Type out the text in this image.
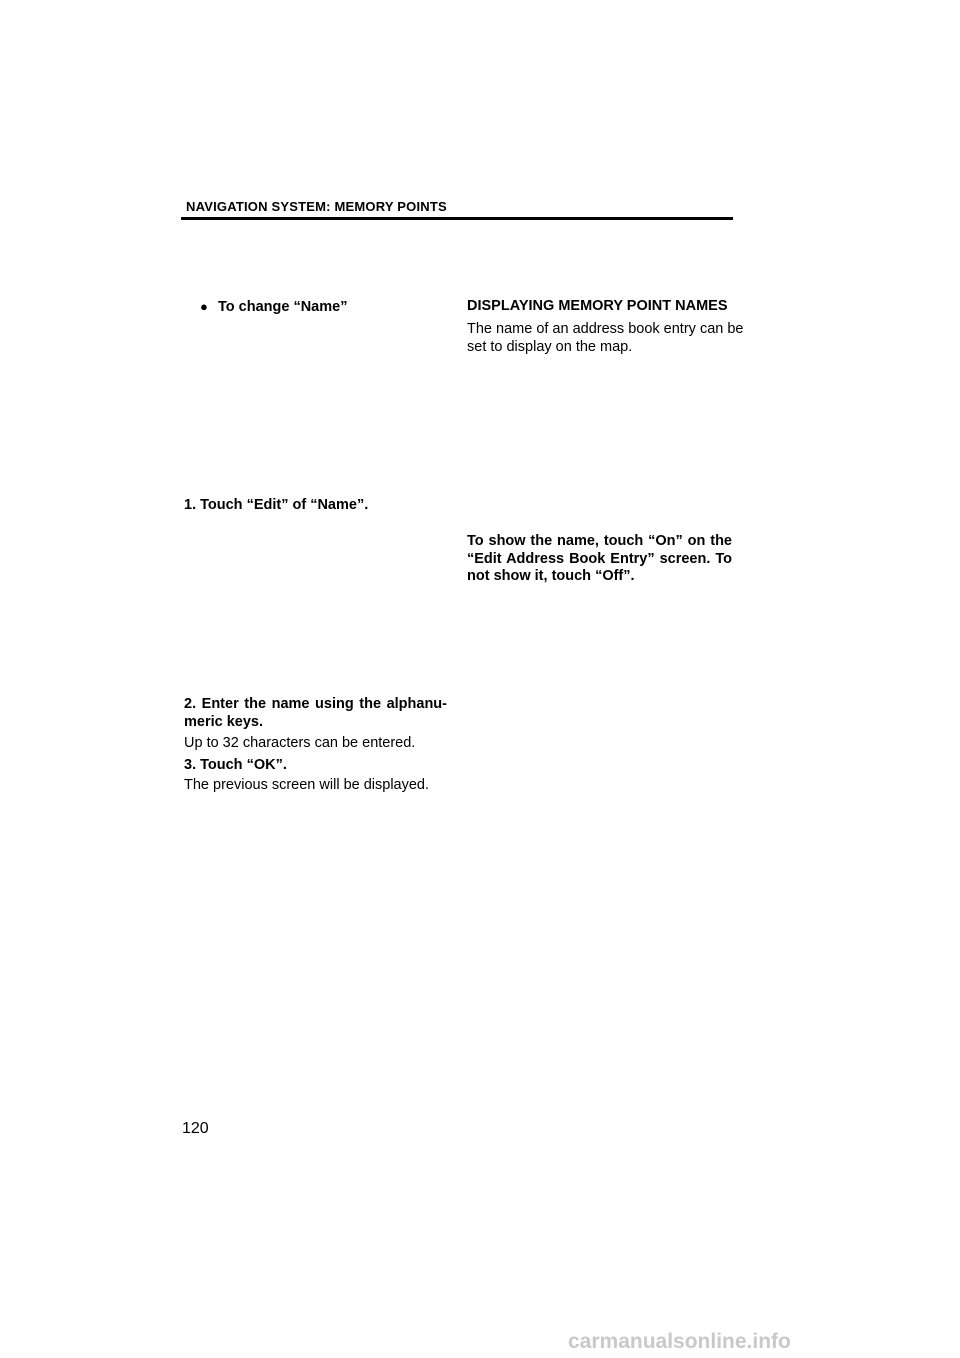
NAVIGATION SYSTEM: MEMORY POINTS
● To change “Name”
1. Touch “Edit” of “Name”.
2. Enter the name using the alphanu-
meric keys.
Up to 32 characters can be entered.
3. Touch “OK”.
The previous screen will be displayed.
DISPLAYING MEMORY POINT NAMES
The name of an address book entry can be
set to display on the map.
To show the name, touch “On” on the
“Edit Address Book Entry” screen. To
not show it, touch “Off”.
120
carmanualsonline.info
